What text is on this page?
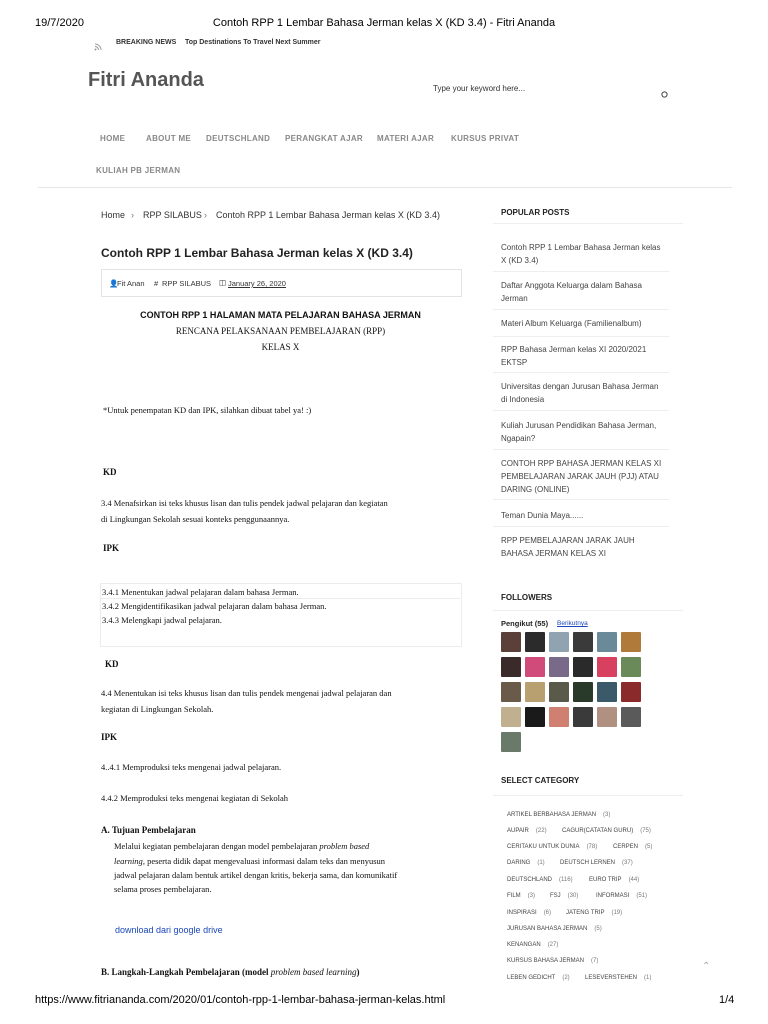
19/7/2020	Contoh RPP 1 Lembar Bahasa Jerman kelas X (KD 3.4) - Fitri Ananda
BREAKING NEWS Top Destinations To Travel Next Summer
Fitri Ananda	Type your keyword here...
HOME	ABOUT ME DEUTSCHLAND PERANGKAT AJAR MATERI AJAR KURSUS PRIVAT
KULIAH PB JERMAN
Home › RPP SILABUS › Contoh RPP 1 Lembar Bahasa Jerman kelas X (KD 3.4)
Contoh RPP 1 Lembar Bahasa Jerman kelas X (KD 3.4)
👤
Fit Anan # RPP SILABUS ◫ January 26, 2020
CONTOH RPP 1 HALAMAN MATA PELAJARAN BAHASA JERMAN
RENCANA PELAKSANAAN PEMBELAJARAN (RPP)
KELAS X
*Untuk penempatan KD dan IPK, silahkan dibuat tabel ya! :)
KD
3.4 Menafsirkan isi teks khusus lisan dan tulis pendek jadwal pelajaran dan kegiatan
di Lingkungan Sekolah sesuai konteks penggunaannya.
IPK
3.4.1 Menentukan jadwal pelajaran dalam bahasa Jerman.
3.4.2 Mengidentifikasikan jadwal pelajaran dalam bahasa Jerman.
3.4.3 Melengkapi jadwal pelajaran.
KD
4.4 Menentukan isi teks khusus lisan dan tulis pendek mengenai jadwal pelajaran dan
kegiatan di Lingkungan Sekolah.
IPK
4..4.1 Memproduksi teks mengenai jadwal pelajaran.
4.4.2 Memproduksi teks mengenai kegiatan di Sekolah
A. Tujuan Pembelajaran
Melalui kegiatan pembelajaran dengan model pembelajaran problem based
learning, peserta didik dapat mengevaluasi informasi dalam teks dan menyusun
jadwal pelajaran dalam bentuk artikel dengan kritis, bekerja sama, dan komunikatif
selama proses pembelajaran.
download dari google drive
B. Langkah-Langkah Pembelajaran (model problem based learning)
POPULAR POSTS
Contoh RPP 1 Lembar Bahasa Jerman kelas
X (KD 3.4)
Daftar Anggota Keluarga dalam Bahasa
Jerman
Materi Album Keluarga (Familienalbum)
RPP Bahasa Jerman kelas XI 2020/2021
EKTSP
Universitas dengan Jurusan Bahasa Jerman
di Indonesia
Kuliah Jurusan Pendidikan Bahasa Jerman,
Ngapain?
CONTOH RPP BAHASA JERMAN KELAS XI
PEMBELAJARAN JARAK JAUH (PJJ) ATAU
DARING (ONLINE)
Teman Dunia Maya......
RPP PEMBELAJARAN JARAK JAUH
BAHASA JERMAN KELAS XI
FOLLOWERS
Pengikut (55) Berikutnya
SELECT CATEGORY
ARTIKEL BERBAHASA JERMAN (3)
AUPAIR (22)	CAGUR(CATATAN GURU) (75)
CERITAKU UNTUK DUNIA (78)	CERPEN (5)
DARING (1)	DEUTSCH LERNEN (37)
DEUTSCHLAND (116)	EURO TRIP (44)
FILM (3) FSJ (30)	INFORMASI (51)
INSPIRASI (6) JATENG TRIP (19)
JURUSAN BAHASA JERMAN (5)
KENANGAN (27)
KURSUS BAHASA JERMAN (7)
LEBEN GEDICHT (2)	LESEVERSTEHEN (1)
⌃
https://www.fitriananda.com/2020/01/contoh-rpp-1-lembar-bahasa-jerman-kelas.html	1/4
